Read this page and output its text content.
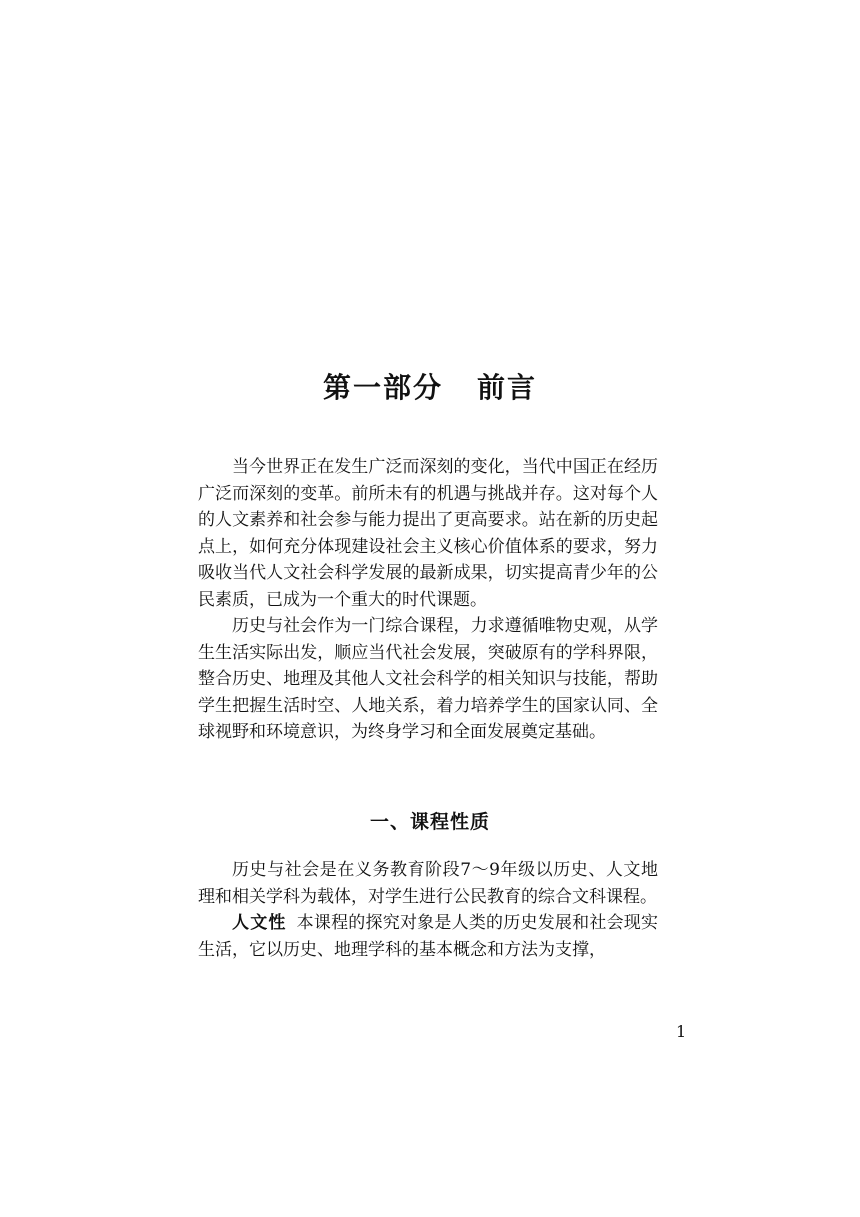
第一部分 前言

当今世界正在发生广泛而深刻的变化，当代中国正在经历广泛而深刻的变革。前所未有的机遇与挑战并存。这对每个人的人文素养和社会参与能力提出了更高要求。站在新的历史起点上，如何充分体现建设社会主义核心价值体系的要求，努力吸收当代人文社会科学发展的最新成果，切实提高青少年的公民素质，已成为一个重大的时代课题。

历史与社会作为一门综合课程，力求遵循唯物史观，从学生生活实际出发，顺应当代社会发展，突破原有的学科界限，整合历史、地理及其他人文社会科学的相关知识与技能，帮助学生把握生活时空、人地关系，着力培养学生的国家认同、全球视野和环境意识，为终身学习和全面发展奠定基础。

一、课程性质

历史与社会是在义务教育阶段7～9年级以历史、人文地理和相关学科为载体，对学生进行公民教育的综合文科课程。

人文性 本课程的探究对象是人类的历史发展和社会现实生活，它以历史、地理学科的基本概念和方法为支撑，

1
